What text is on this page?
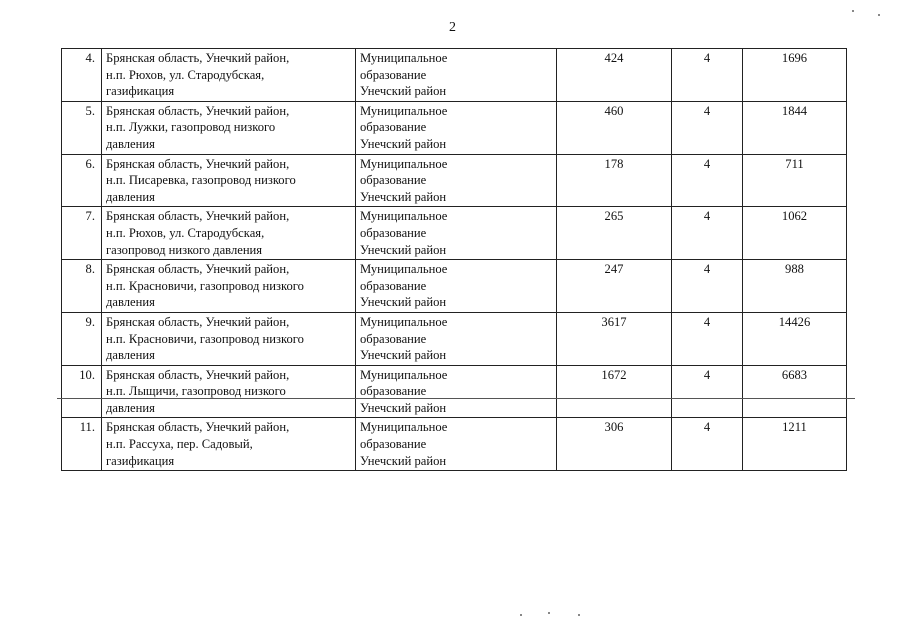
2
4.	Брянская область, Унечкий район,
н.п. Рюхов, ул. Стародубская,
газификация	Муниципальное
образование
Унечский район	424	4	1696
5.	Брянская область, Унечкий район,
н.п. Лужки, газопровод низкого
давления	Муниципальное
образование
Унечский район	460	4	1844
6.	Брянская область, Унечкий район,
н.п. Писаревка, газопровод низкого
давления	Муниципальное
образование
Унечский район	178	4	711
7.	Брянская область, Унечкий район,
н.п. Рюхов, ул. Стародубская,
газопровод низкого давления	Муниципальное
образование
Унечский район	265	4	1062
8.	Брянская область, Унечкий район,
н.п. Красновичи, газопровод низкого
давления	Муниципальное
образование
Унечский район	247	4	988
9.	Брянская область, Унечкий район,
н.п. Красновичи, газопровод низкого
давления	Муниципальное
образование
Унечский район	3617	4	14426
10.	Брянская область, Унечкий район,
н.п. Лыщичи, газопровод низкого
давления	Муниципальное
образование
Унечский район	1672	4	6683
11.	Брянская область, Унечкий район,
н.п. Рассуха, пер. Садовый,
газификация	Муниципальное
образование
Унечский район	306	4	1211
